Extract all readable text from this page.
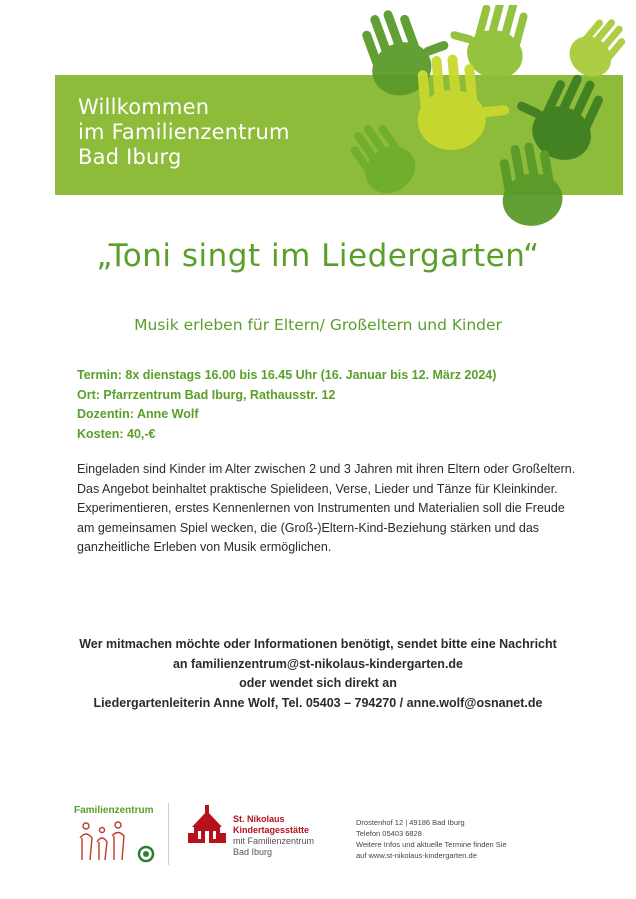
Willkommen
im Familienzentrum
Bad Iburg
„Toni singt im Liedergarten“
Musik erleben für Eltern/ Großeltern und Kinder
Termin: 8x dienstags 16.00 bis 16.45 Uhr (16. Januar bis 12. März 2024)
Ort: Pfarrzentrum Bad Iburg, Rathausstr. 12
Dozentin: Anne Wolf
Kosten: 40,-€

Eingeladen sind Kinder im Alter zwischen 2 und 3 Jahren mit ihren Eltern oder Großeltern.

Das Angebot beinhaltet praktische Spielideen, Verse, Lieder und Tänze für Kleinkinder.

Experimentieren, erstes Kennenlernen von Instrumenten und Materialien soll die Freude am gemeinsamen Spiel wecken, die (Groß-)Eltern-Kind-Beziehung stärken und das ganzheitliche Erleben von Musik ermöglichen.

Wer mitmachen möchte oder Informationen benötigt, sendet bitte eine Nachricht
an familienzentrum@st-nikolaus-kindergarten.de
oder wendet sich direkt an
Liedergartenleiterin Anne Wolf, Tel. 05403 – 794270 / anne.wolf@osnanet.de
Familienzentrum
St. Nikolaus
Kindertagesstätte
mit Familienzentrum
Bad Iburg
Drostenhof 12 | 49186 Bad Iburg
Telefon 05403 6828
Weitere Infos und aktuelle Termine finden Sie
auf www.st-nikolaus-kindergarten.de
